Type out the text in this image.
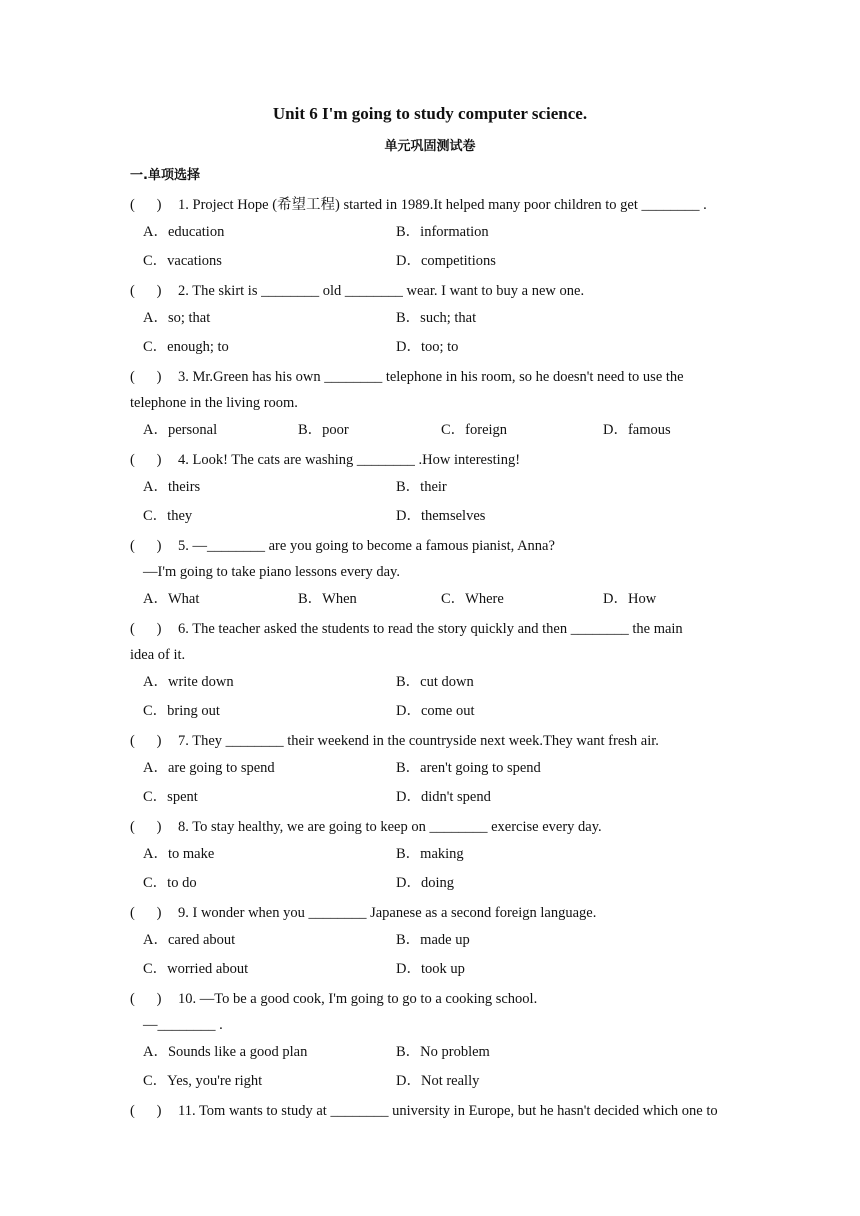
Unit 6 I'm going to study computer science.
单元巩固测试卷
一.单项选择
(      )	1. Project Hope (希望工程) started in 1989.It helped many poor children to get ________ .
A．education	B．information
C．vacations	D．competitions
(      )	2. The skirt is ________ old ________ wear. I want to buy a new one.
A．so; that	B．such; that
C．enough; to	D．too; to
(      )	3. Mr.Green has his own ________ telephone in his room, so he doesn't need to use the
telephone in the living room.
A．personal	B．poor	C．foreign	D．famous
(      )	4. Look! The cats are washing ________ .How interesting!
A．theirs	B．their
C．they	D．themselves
(      )	5. —________ are you going to become a famous pianist, Anna?
—I'm going to take piano lessons every day.
A．What	B．When	C．Where	D．How
(      )	6. The teacher asked the students to read the story quickly and then ________ the main
idea of it.
A．write down	B．cut down
C．bring out	D．come out
(      )	7. They ________ their weekend in the countryside next week.They want fresh air.
A．are going to spend	B．aren't going to spend
C．spent	D．didn't spend
(      )	8. To stay healthy, we are going to keep on ________ exercise every day.
A．to make	B．making
C．to do	D．doing
(      )	9. I wonder when you ________ Japanese as a second foreign language.
A．cared about	B．made up
C．worried about	D．took up
(      )	10. —To be a good cook, I'm going to go to a cooking school.
—________ .
A．Sounds like a good plan	B．No problem
C．Yes, you're right	D．Not really
(      )	11. Tom wants to study at ________ university in Europe, but he hasn't decided which one to
